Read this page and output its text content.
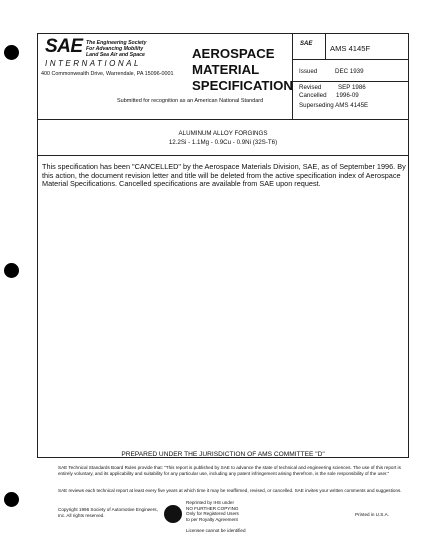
SAE The Engineering Society
For Advancing Mobility
Land Sea Air and Space
INTERNATIONAL
400 Commonwealth Drive, Warrendale, PA 15096-0001
AEROSPACE
MATERIAL
SPECIFICATION
Submitted for recognition as an American National Standard
SAE AMS 4145F
Issued	DEC 1939
Revised	SEP 1986
Cancelled 1996-09
Superseding AMS 4145E
ALUMINUM ALLOY FORGINGS
12.2Si - 1.1Mg - 0.9Cu - 0.9Ni (32S-T6)
This specification has been "CANCELLED" by the Aerospace Materials Division, SAE, as of September 1996. By this action, the document revision letter and title will be deleted from the active specification index of Aerospace Material Specifications. Cancelled specifications are available from SAE upon request.
PREPARED UNDER THE JURISDICTION OF AMS COMMITTEE "D"
SAE Technical Standards Board Rules provide that: "This report is published by SAE to advance the state of technical and engineering sciences. The use of this report is entirely voluntary, and its applicability and suitability for any particular use, including any patent infringement arising therefrom, is the sole responsibility of the user."
SAE reviews each technical report at least every five years at which time it may be reaffirmed, revised, or cancelled. SAE invites your written comments and suggestions.
Copyright 1996 Society of Automotive Engineers, Inc. All rights reserved.
Reprinted by IHS under
NO FURTHER COPYING
Only for Registered Users
to per Royalty Agreement
Licensee cannot be identified
Printed in U.S.A.
